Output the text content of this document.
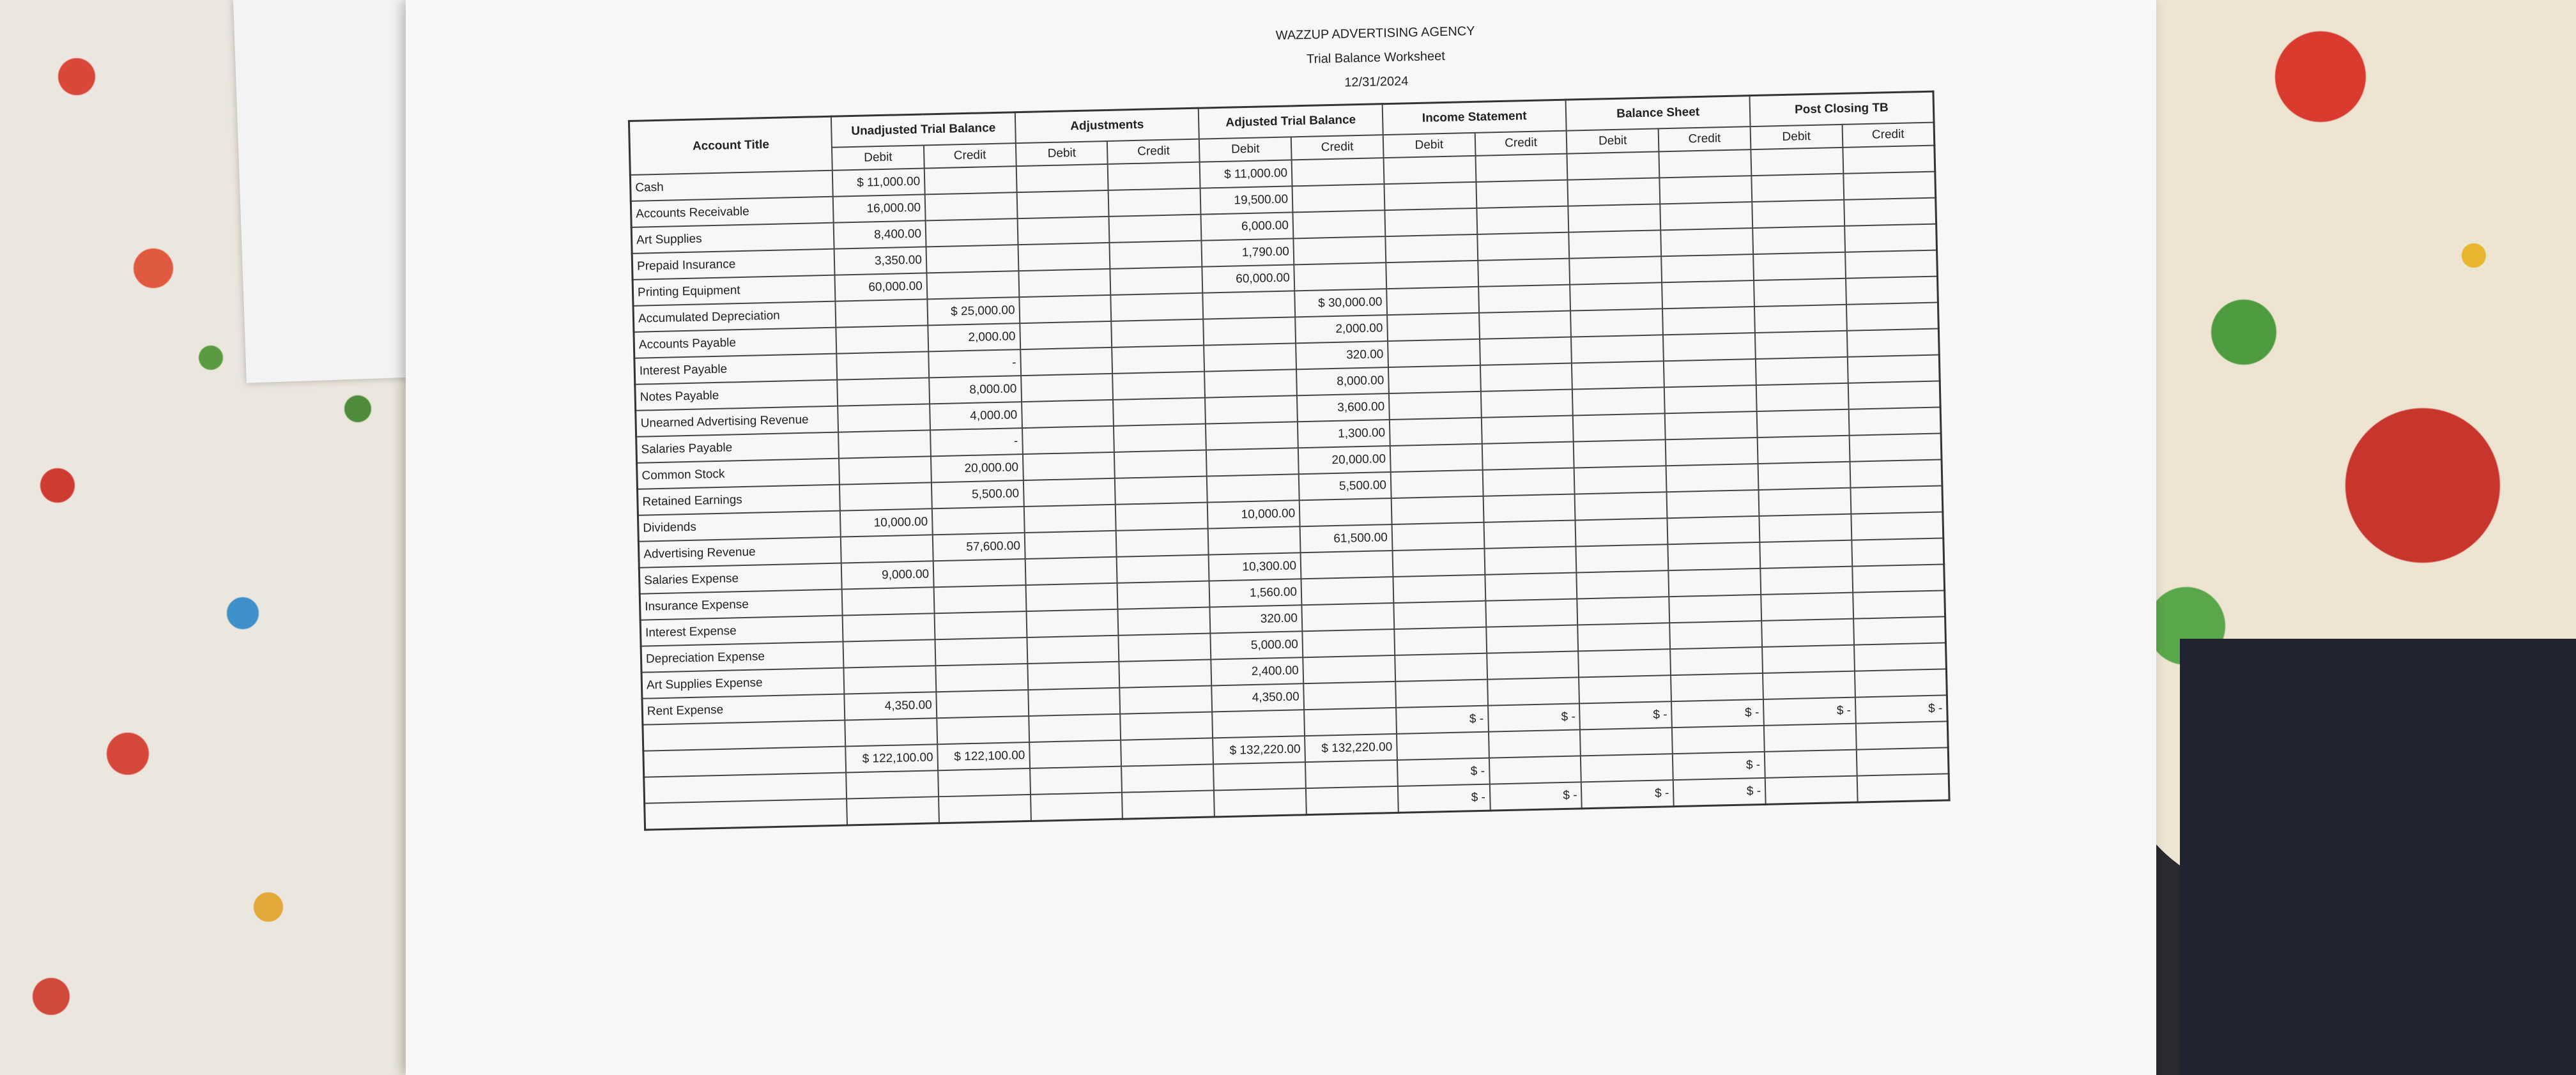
WAZZUP ADVERTISING AGENCY
Trial Balance Worksheet
12/31/2024
Account Title	Unadjusted Trial Balance		Adjustments		Adjusted Trial Balance		Income Statement		Balance Sheet		Post Closing TB	
	Debit	Credit	Debit	Credit	Debit	Credit	Debit	Credit	Debit	Credit	Debit	Credit
Cash	$ 11,000.00				$ 11,000.00							
Accounts Receivable	16,000.00				19,500.00							
Art Supplies	8,400.00				6,000.00							
Prepaid Insurance	3,350.00				1,790.00							
Printing Equipment	60,000.00				60,000.00							
Accumulated Depreciation		$ 25,000.00				$ 30,000.00						
Accounts Payable		2,000.00				2,000.00						
Interest Payable		-				320.00						
Notes Payable		8,000.00				8,000.00						
Unearned Advertising Revenue		4,000.00				3,600.00						
Salaries Payable		-				1,300.00						
Common Stock		20,000.00				20,000.00						
Retained Earnings		5,500.00				5,500.00						
Dividends	10,000.00				10,000.00							
Advertising Revenue		57,600.00				61,500.00						
Salaries Expense	9,000.00				10,300.00							
Insurance Expense					1,560.00							
Interest Expense					320.00							
Depreciation Expense					5,000.00							
Art Supplies Expense					2,400.00							
Rent Expense	4,350.00				4,350.00							
							$ -	$ -	$ -	$ -	$ -	$ -
	$ 122,100.00	$ 122,100.00			$ 132,220.00	$ 132,220.00						
							$ -			$ -		
							$ -	$ -	$ -	$ -		
